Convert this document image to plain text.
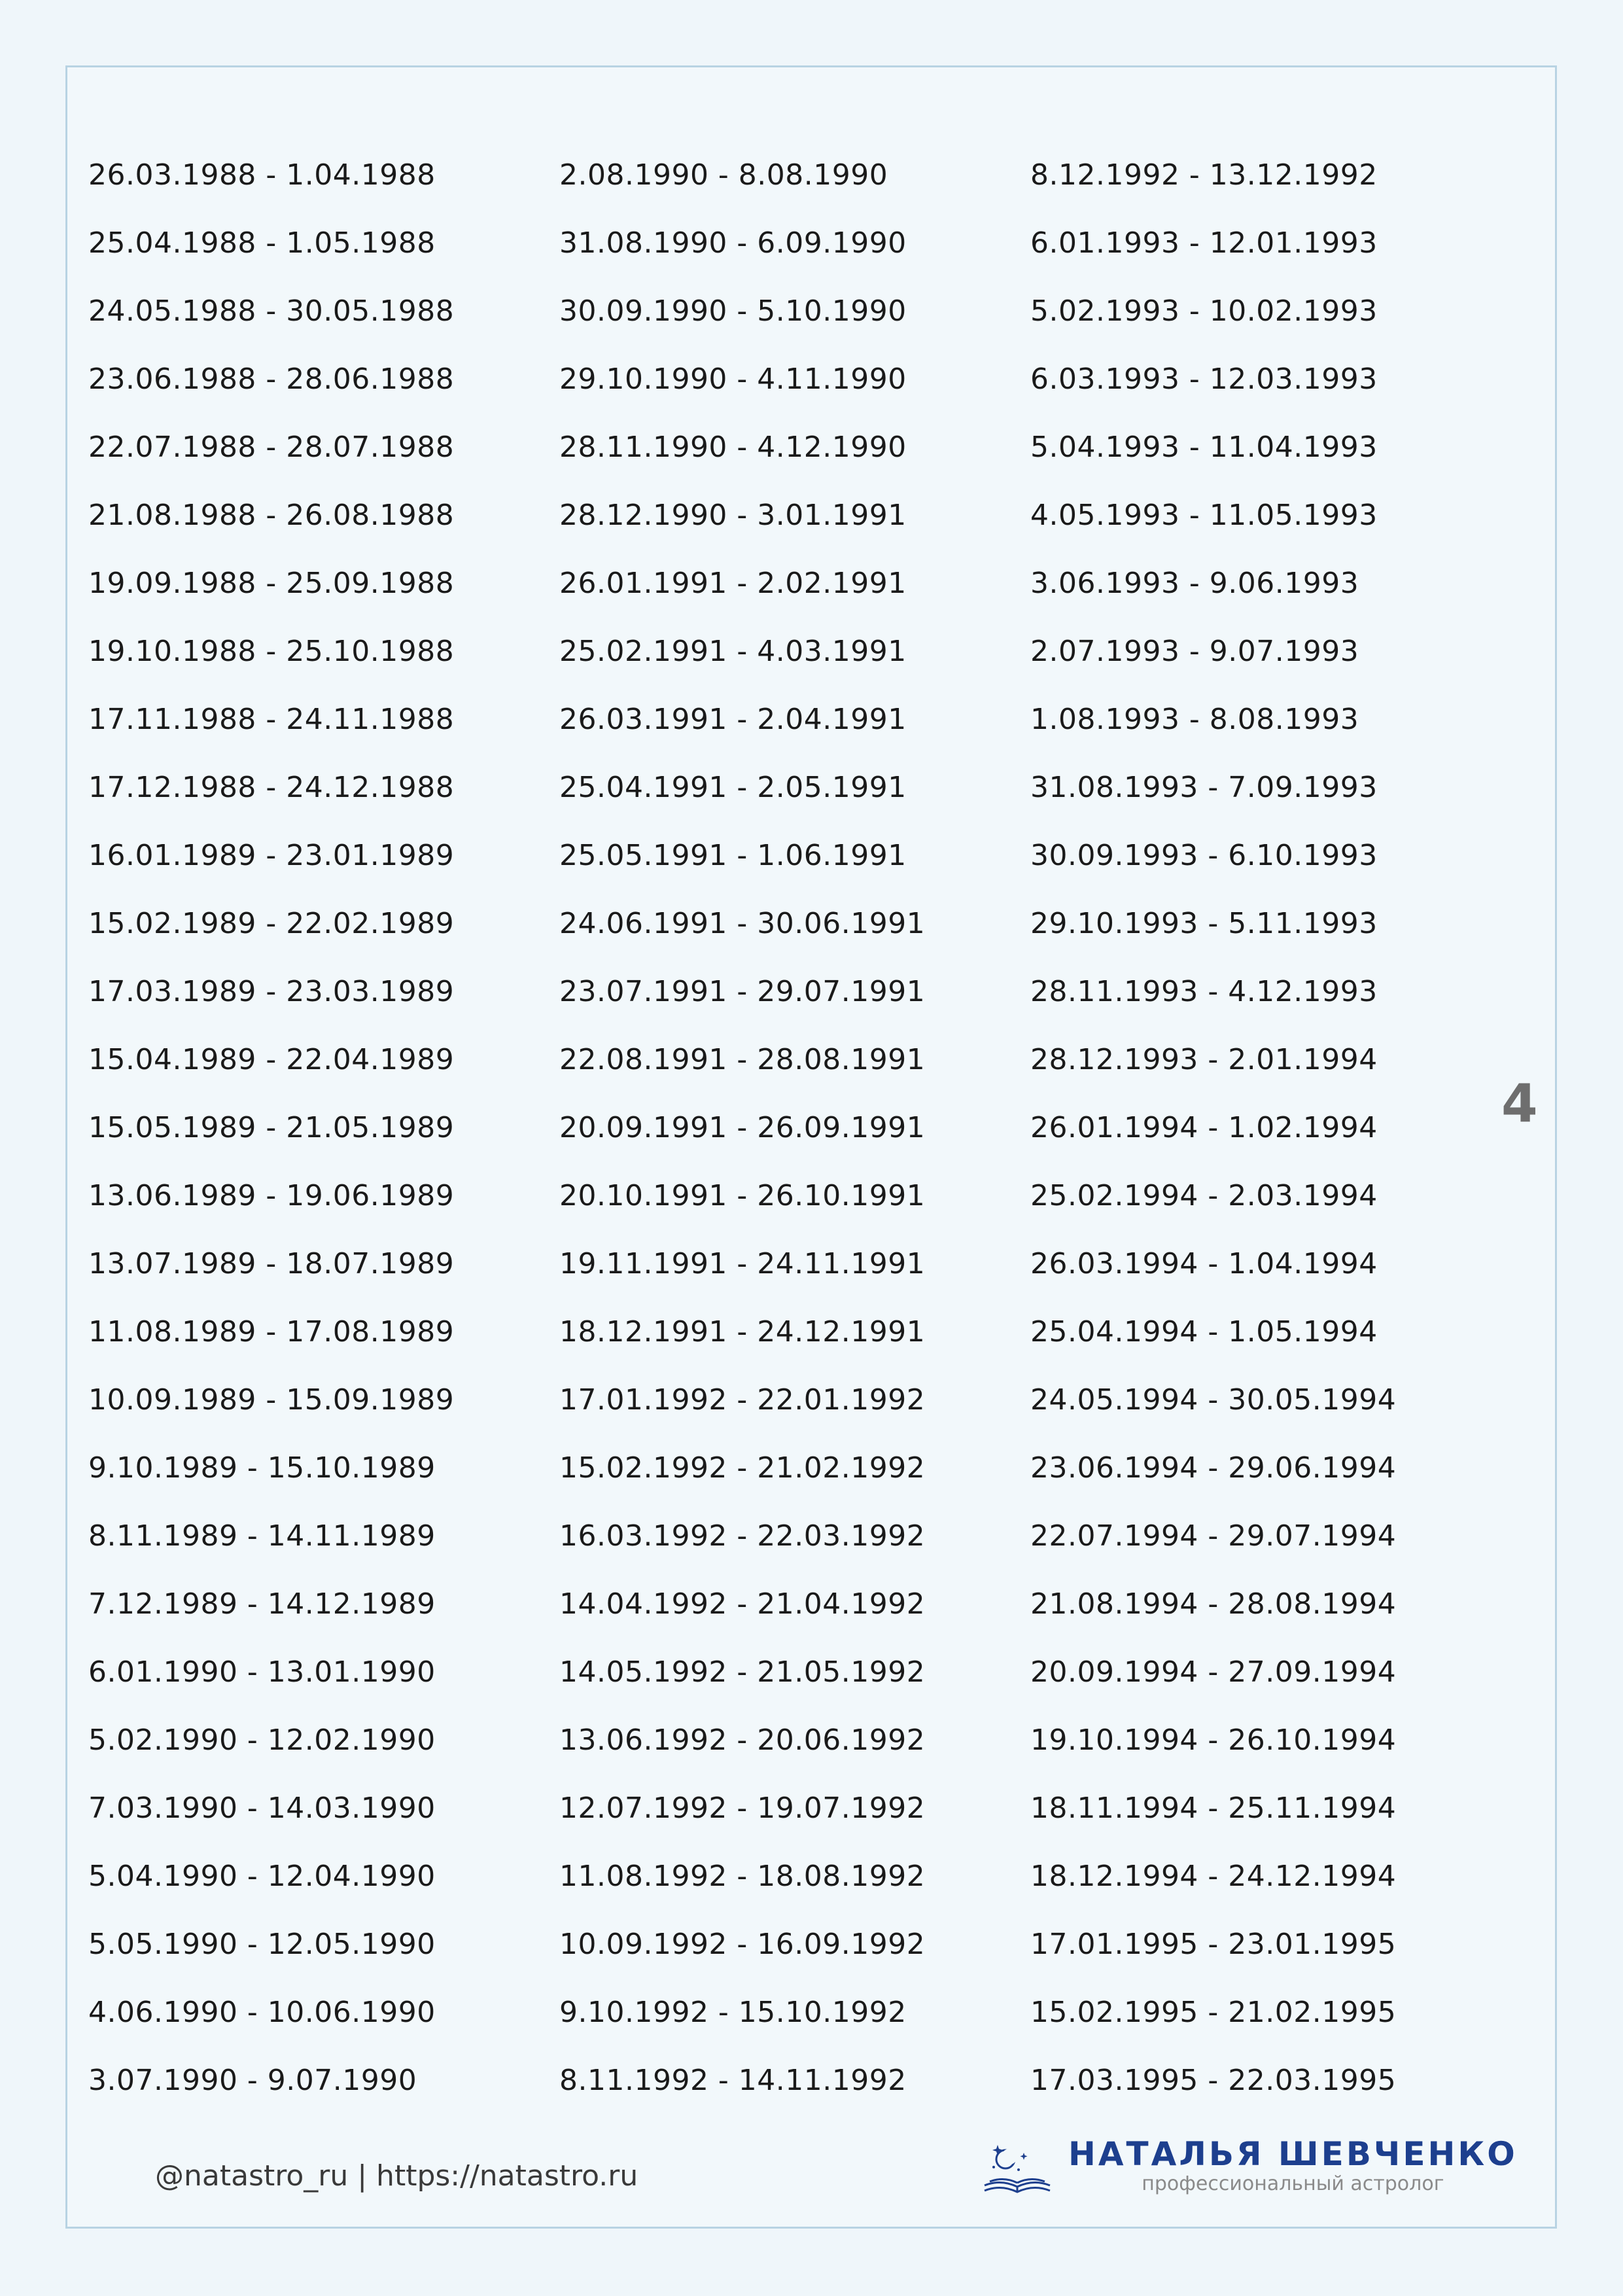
26.03.1988 - 1.04.1988
25.04.1988 - 1.05.1988
24.05.1988 - 30.05.1988
23.06.1988 - 28.06.1988
22.07.1988 - 28.07.1988
21.08.1988 - 26.08.1988
19.09.1988 - 25.09.1988
19.10.1988 - 25.10.1988
17.11.1988 - 24.11.1988
17.12.1988 - 24.12.1988
16.01.1989 - 23.01.1989
15.02.1989 - 22.02.1989
17.03.1989 - 23.03.1989
15.04.1989 - 22.04.1989
15.05.1989 - 21.05.1989
13.06.1989 - 19.06.1989
13.07.1989 - 18.07.1989
11.08.1989 - 17.08.1989
10.09.1989 - 15.09.1989
9.10.1989 - 15.10.1989
8.11.1989 - 14.11.1989
7.12.1989 - 14.12.1989
6.01.1990 - 13.01.1990
5.02.1990 - 12.02.1990
7.03.1990 - 14.03.1990
5.04.1990 - 12.04.1990
5.05.1990 - 12.05.1990
4.06.1990 - 10.06.1990
3.07.1990 - 9.07.1990
2.08.1990 - 8.08.1990
31.08.1990 - 6.09.1990
30.09.1990 - 5.10.1990
29.10.1990 - 4.11.1990
28.11.1990 - 4.12.1990
28.12.1990 - 3.01.1991
26.01.1991 - 2.02.1991
25.02.1991 - 4.03.1991
26.03.1991 - 2.04.1991
25.04.1991 - 2.05.1991
25.05.1991 - 1.06.1991
24.06.1991 - 30.06.1991
23.07.1991 - 29.07.1991
22.08.1991 - 28.08.1991
20.09.1991 - 26.09.1991
20.10.1991 - 26.10.1991
19.11.1991 - 24.11.1991
18.12.1991 - 24.12.1991
17.01.1992 - 22.01.1992
15.02.1992 - 21.02.1992
16.03.1992 - 22.03.1992
14.04.1992 - 21.04.1992
14.05.1992 - 21.05.1992
13.06.1992 - 20.06.1992
12.07.1992 - 19.07.1992
11.08.1992 - 18.08.1992
10.09.1992 - 16.09.1992
9.10.1992 - 15.10.1992
8.11.1992 - 14.11.1992
8.12.1992 - 13.12.1992
6.01.1993 - 12.01.1993
5.02.1993 - 10.02.1993
6.03.1993 - 12.03.1993
5.04.1993 - 11.04.1993
4.05.1993 - 11.05.1993
3.06.1993 - 9.06.1993
2.07.1993 - 9.07.1993
1.08.1993 - 8.08.1993
31.08.1993 - 7.09.1993
30.09.1993 - 6.10.1993
29.10.1993 - 5.11.1993
28.11.1993 - 4.12.1993
28.12.1993 - 2.01.1994
26.01.1994 - 1.02.1994
25.02.1994 - 2.03.1994
26.03.1994 - 1.04.1994
25.04.1994 - 1.05.1994
24.05.1994 - 30.05.1994
23.06.1994 - 29.06.1994
22.07.1994 - 29.07.1994
21.08.1994 - 28.08.1994
20.09.1994 - 27.09.1994
19.10.1994 - 26.10.1994
18.11.1994 - 25.11.1994
18.12.1994 - 24.12.1994
17.01.1995 - 23.01.1995
15.02.1995 - 21.02.1995
17.03.1995 - 22.03.1995
4
@natastro_ru | https://natastro.ru
НАТАЛЬЯ ШЕВЧЕНКО
профессиональный астролог
